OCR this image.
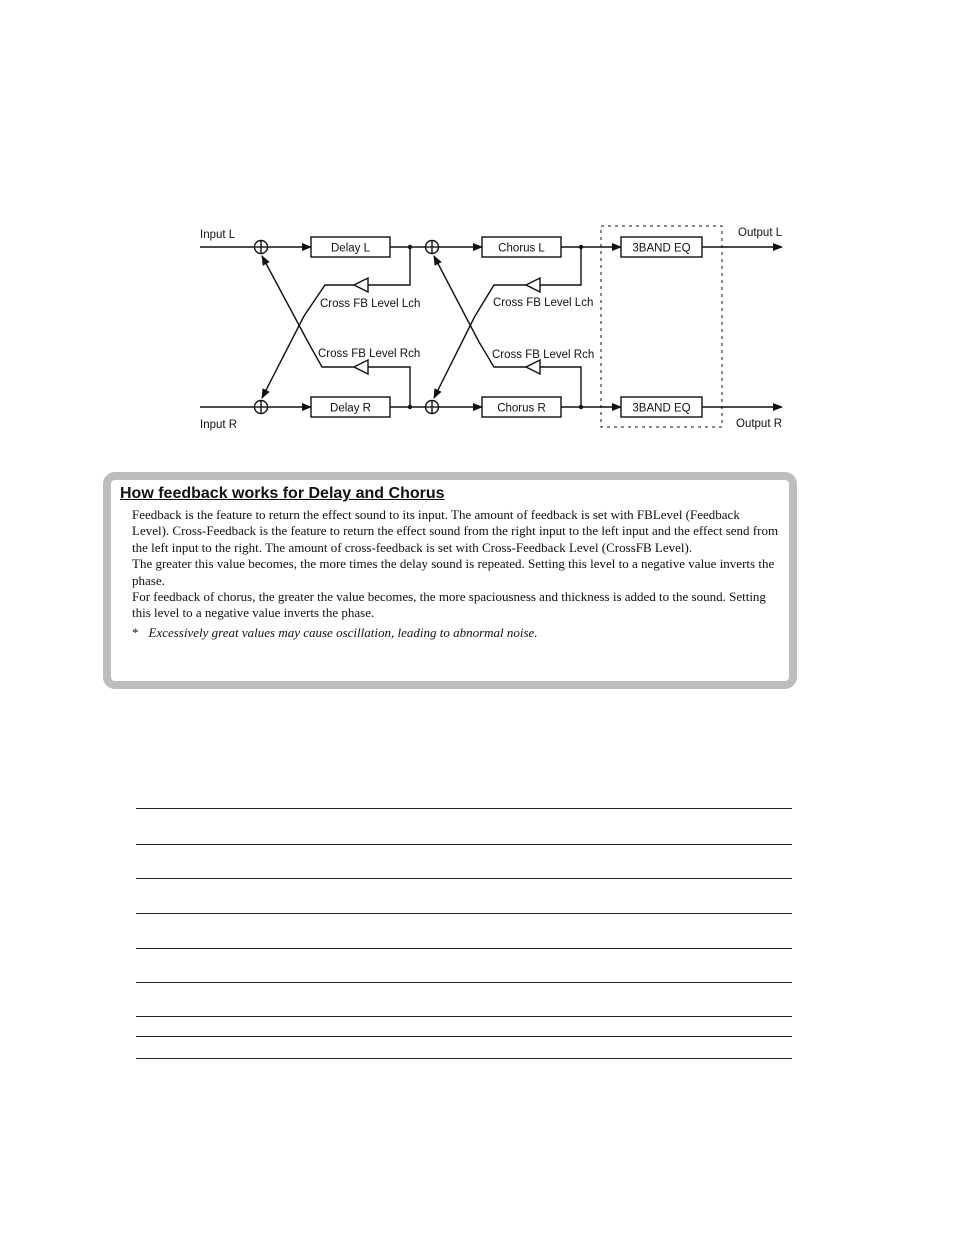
Delay L
Delay R
Chorus L
Chorus R
3BAND EQ
3BAND EQ
Input L
Input R
Output L
Output R
Cross FB Level Lch
Cross FB Level Rch
Cross FB Level Lch
Cross FB Level Rch
How feedback works for Delay and Chorus

Feedback is the feature to return the effect sound to its input. The amount of feedback is set with FBLevel (Feedback Level). Cross-Feedback is the feature to return the effect sound from the right input to the left input and the effect send from the left input to the right. The amount of cross-feedback is set with Cross-Feedback Level (CrossFB Level).

The greater this value becomes, the more times the delay sound is repeated. Setting this level to a negative value inverts the phase.

For feedback of chorus, the greater the value becomes, the more spaciousness and thickness is added to the sound. Setting this level to a negative value inverts the phase.

* Excessively great values may cause oscillation, leading to abnormal noise.
